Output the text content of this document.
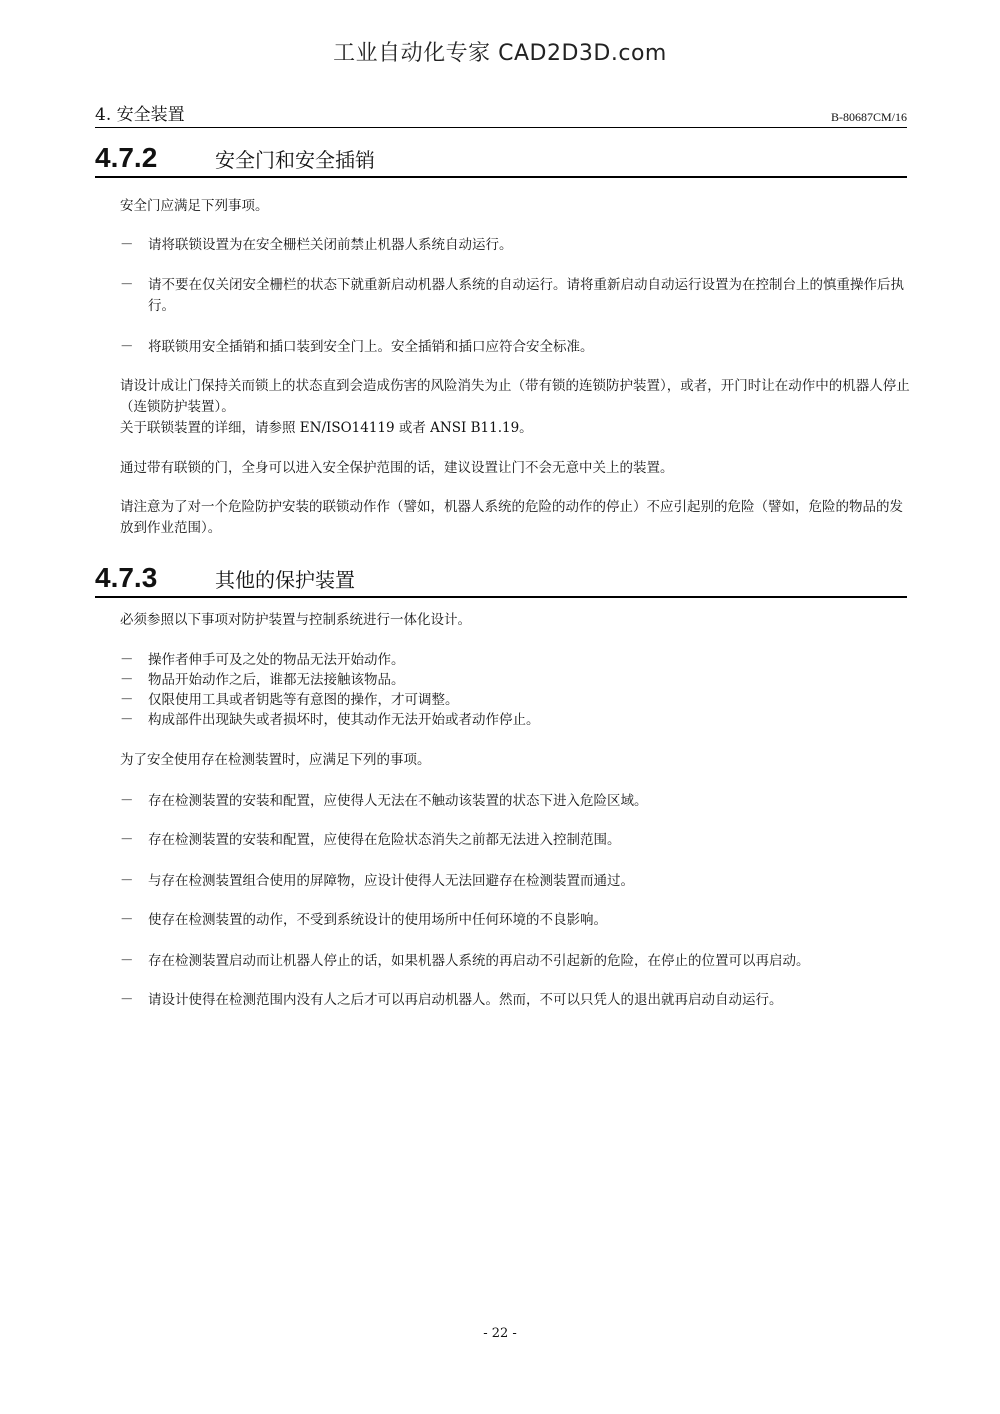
工业自动化专家 CAD2D3D.com
4. 安全装置	B-80687CM/16
4.7.2	安全门和安全插销

安全门应满足下列事项。

－	请将联锁设置为在安全栅栏关闭前禁止机器人系统自动运行。
－	请不要在仅关闭安全栅栏的状态下就重新启动机器人系统的自动运行。请将重新启动自动运行设置为在控制台上的慎重操作后执行。
－	将联锁用安全插销和插口装到安全门上。安全插销和插口应符合安全标准。

请设计成让门保持关而锁上的状态直到会造成伤害的风险消失为止（带有锁的连锁防护装置），或者，开门时让在动作中的机器人停止（连锁防护装置）。

关于联锁装置的详细，请参照 EN/ISO14119 或者 ANSI B11.19。

通过带有联锁的门，全身可以进入安全保护范围的话，建议设置让门不会无意中关上的装置。

请注意为了对一个危险防护安装的联锁动作作（譬如，机器人系统的危险的动作的停止）不应引起别的危险（譬如，危险的物品的发放到作业范围）。

4.7.3	其他的保护装置

必须参照以下事项对防护装置与控制系统进行一体化设计。

－	操作者伸手可及之处的物品无法开始动作。
－	物品开始动作之后，谁都无法接触该物品。
－	仅限使用工具或者钥匙等有意图的操作，才可调整。
－	构成部件出现缺失或者损坏时，使其动作无法开始或者动作停止。

为了安全使用存在检测装置时，应满足下列的事项。

－	存在检测装置的安装和配置，应使得人无法在不触动该装置的状态下进入危险区域。
－	存在检测装置的安装和配置，应使得在危险状态消失之前都无法进入控制范围。
－	与存在检测装置组合使用的屏障物，应设计使得人无法回避存在检测装置而通过。
－	使存在检测装置的动作，不受到系统设计的使用场所中任何环境的不良影响。
－	存在检测装置启动而让机器人停止的话，如果机器人系统的再启动不引起新的危险，在停止的位置可以再启动。
－	请设计使得在检测范围内没有人之后才可以再启动机器人。然而，不可以只凭人的退出就再启动自动运行。
- 22 -
